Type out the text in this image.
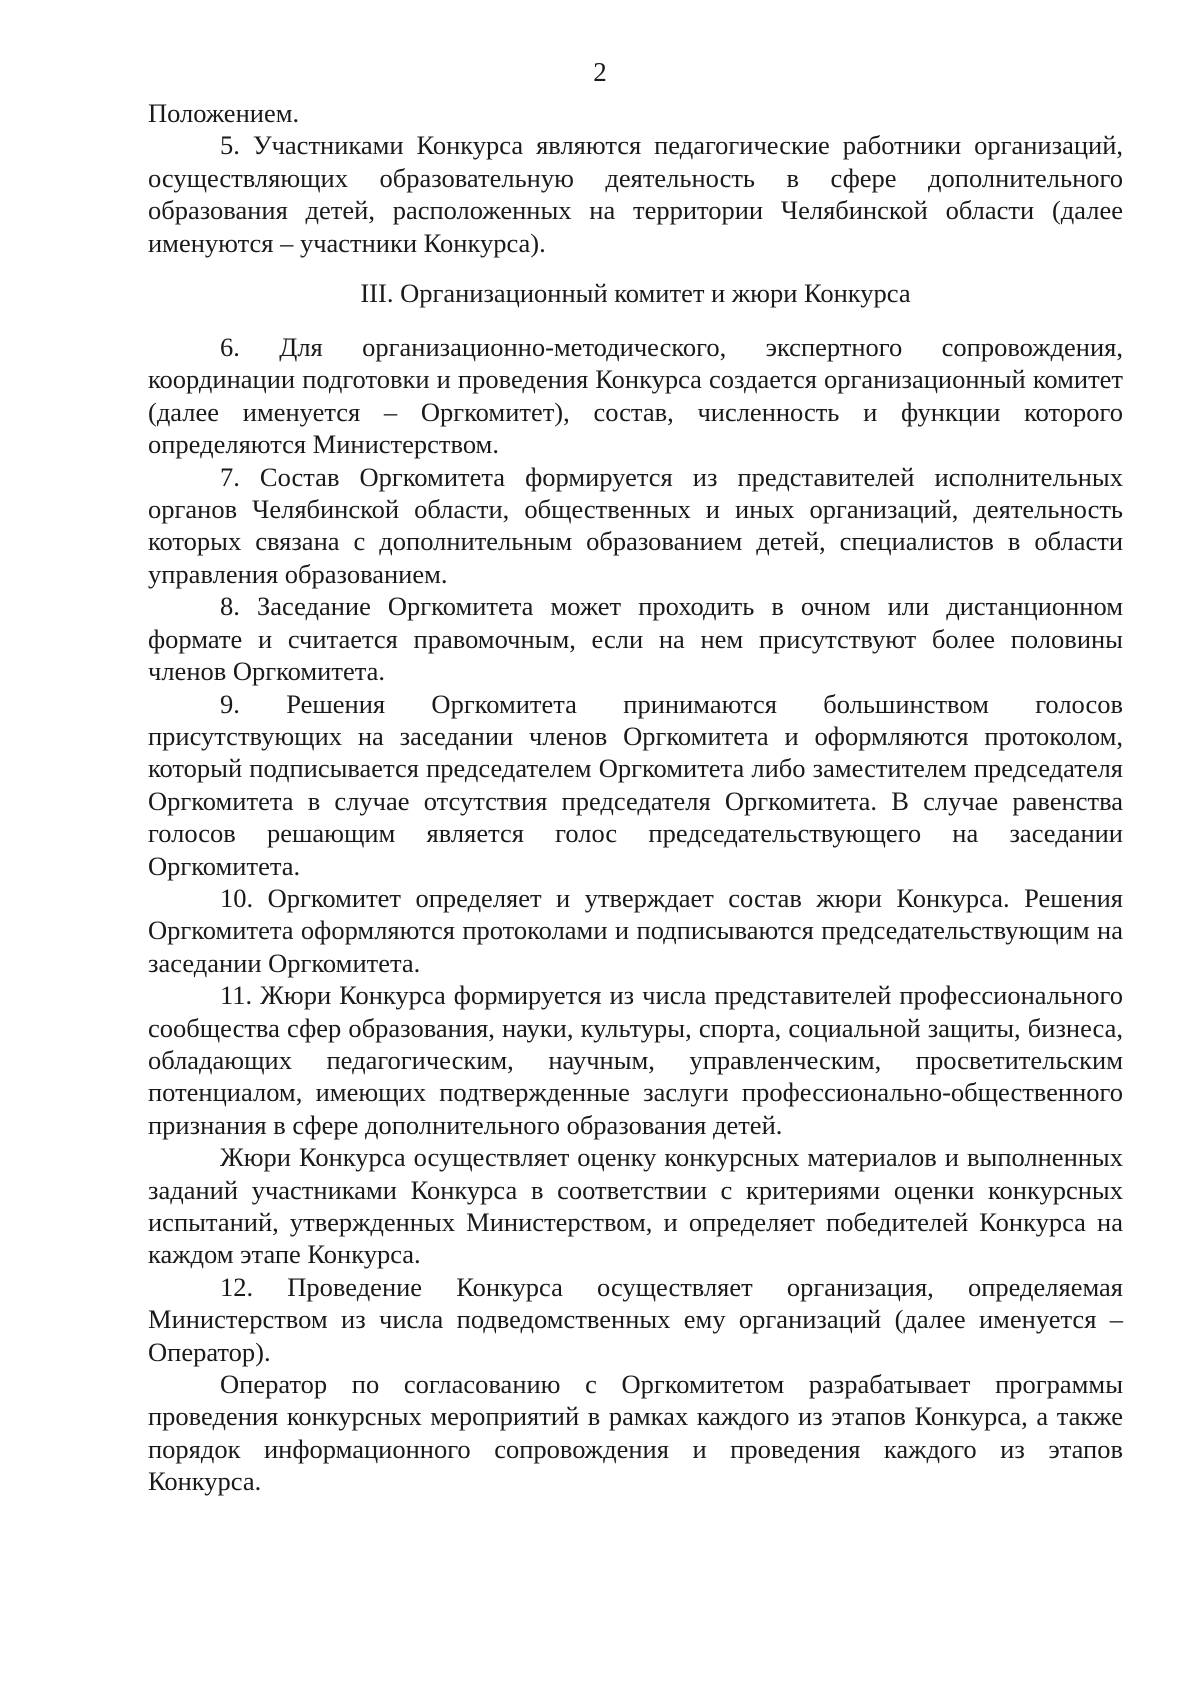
2

Положением.

5. Участниками Конкурса являются педагогические работники организаций, осуществляющих образовательную деятельность в сфере дополнительного образования детей, расположенных на территории Челябинской области (далее именуются – участники Конкурса).

III. Организационный комитет и жюри Конкурса

6. Для организационно-методического, экспертного сопровождения, координации подготовки и проведения Конкурса создается организационный комитет (далее именуется – Оргкомитет), состав, численность и функции которого определяются Министерством.

7. Состав Оргкомитета формируется из представителей исполнительных органов Челябинской области, общественных и иных организаций, деятельность которых связана с дополнительным образованием детей, специалистов в области управления образованием.

8. Заседание Оргкомитета может проходить в очном или дистанционном формате и считается правомочным, если на нем присутствуют более половины членов Оргкомитета.

9. Решения Оргкомитета принимаются большинством голосов присутствующих на заседании членов Оргкомитета и оформляются протоколом, который подписывается председателем Оргкомитета либо заместителем председателя Оргкомитета в случае отсутствия председателя Оргкомитета. В случае равенства голосов решающим является голос председательствующего на заседании Оргкомитета.

10. Оргкомитет определяет и утверждает состав жюри Конкурса. Решения Оргкомитета оформляются протоколами и подписываются председательствующим на заседании Оргкомитета.

11. Жюри Конкурса формируется из числа представителей профессионального сообщества сфер образования, науки, культуры, спорта, социальной защиты, бизнеса, обладающих педагогическим, научным, управленческим, просветительским потенциалом, имеющих подтвержденные заслуги профессионально-общественного признания в сфере дополнительного образования детей.

Жюри Конкурса осуществляет оценку конкурсных материалов и выполненных заданий участниками Конкурса в соответствии с критериями оценки конкурсных испытаний, утвержденных Министерством, и определяет победителей Конкурса на каждом этапе Конкурса.

12. Проведение Конкурса осуществляет организация, определяемая Министерством из числа подведомственных ему организаций (далее именуется – Оператор).

Оператор по согласованию с Оргкомитетом разрабатывает программы проведения конкурсных мероприятий в рамках каждого из этапов Конкурса, а также порядок информационного сопровождения и проведения каждого из этапов Конкурса.
